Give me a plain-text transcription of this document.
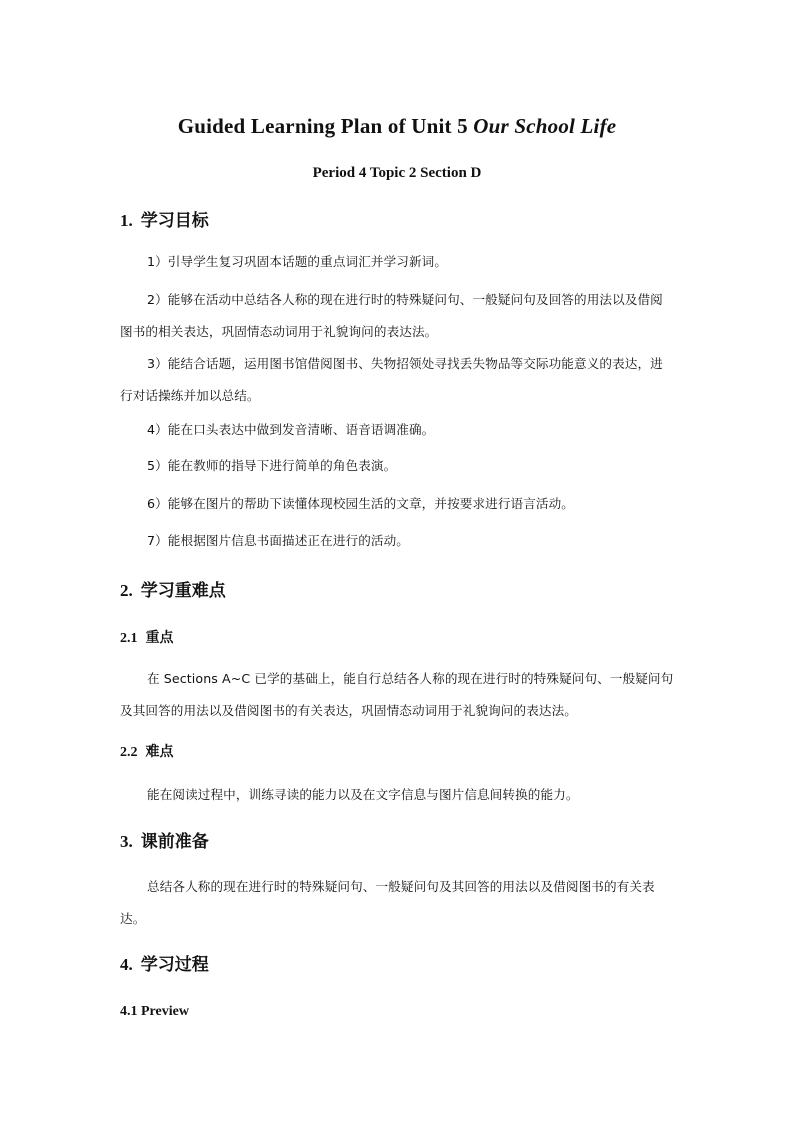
Guided Learning Plan of Unit 5 Our School Life
Period 4 Topic 2 Section D
1. 学习目标
1）引导学生复习巩固本话题的重点词汇并学习新词。
2）能够在活动中总结各人称的现在进行时的特殊疑问句、一般疑问句及回答的用法以及借阅图书的相关表达，巩固情态动词用于礼貌询问的表达法。
3）能结合话题，运用图书馆借阅图书、失物招领处寻找丢失物品等交际功能意义的表达，进行对话操练并加以总结。
4）能在口头表达中做到发音清晰、语音语调准确。
5）能在教师的指导下进行简单的角色表演。
6）能够在图片的帮助下读懂体现校园生活的文章，并按要求进行语言活动。
7）能根据图片信息书面描述正在进行的活动。
2. 学习重难点
2.1 重点
在 Sections A~C 已学的基础上，能自行总结各人称的现在进行时的特殊疑问句、一般疑问句及其回答的用法以及借阅图书的有关表达，巩固情态动词用于礼貌询问的表达法。
2.2 难点
能在阅读过程中，训练寻读的能力以及在文字信息与图片信息间转换的能力。
3. 课前准备
总结各人称的现在进行时的特殊疑问句、一般疑问句及其回答的用法以及借阅图书的有关表达。
4. 学习过程
4.1 Preview
